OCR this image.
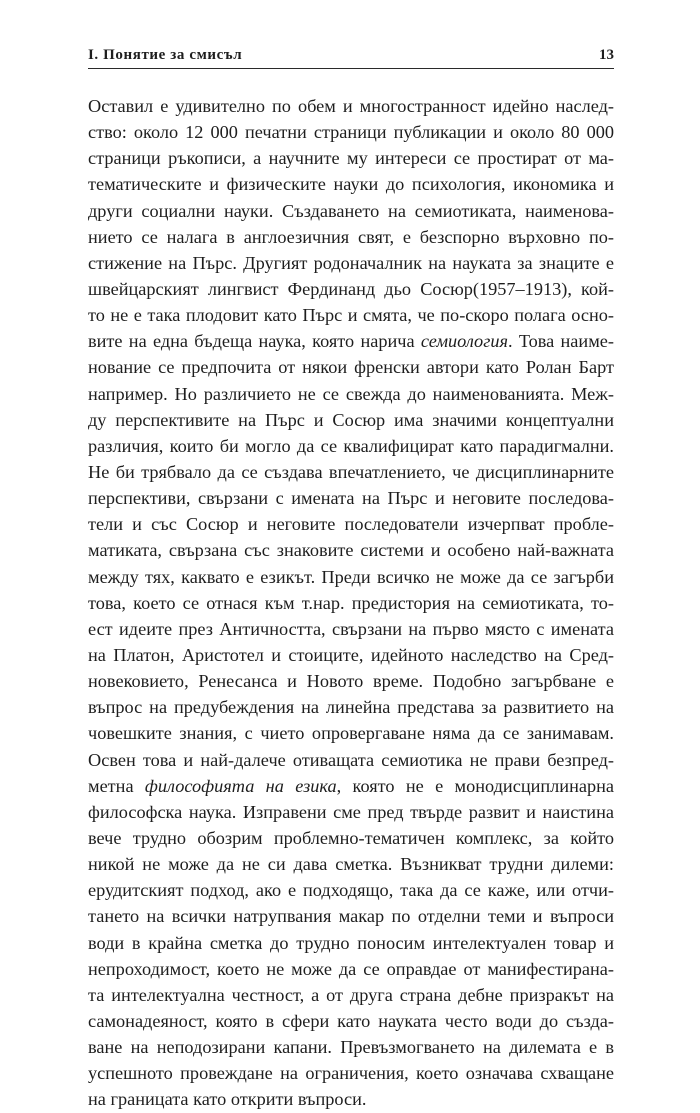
I. Понятие за смисъл	13
Оставил е удивително по обем и многостранност идейно наслед-
ство: около 12 000 печатни страници публикации и около 80 000
страници ръкописи, а научните му интереси се простират от ма-
тематическите и физическите науки до психология, икономика и
други социални науки. Създаването на семиотиката, наименова-
нието се налага в англоезичния свят, е безспорно върховно по-
стижение на Пърс. Другият родоначалник на науката за знаците е
швейцарският лингвист Фердинанд дьо Сосюр(1957–1913), кой-
то не е така плодовит като Пърс и смята, че по-скоро полага осно-
вите на една бъдеща наука, която нарича семиология. Това наиме-
нование се предпочита от някои френски автори като Ролан Барт
например. Но различието не се свежда до наименованията. Меж-
ду перспективите на Пърс и Сосюр има значими концептуални
различия, които би могло да се квалифицират като парадигмални.
Не би трябвало да се създава впечатлението, че дисциплинарните
перспективи, свързани с имената на Пърс и неговите последова-
тели и със Сосюр и неговите последователи изчерпват пробле-
матиката, свързана със знаковите системи и особено най-важната
между тях, каквато е езикът. Преди всичко не може да се загърби
това, което се отнася към т.нар. предистория на семиотиката, то-
ест идеите през Античността, свързани на първо място с имената
на Платон, Аристотел и стоиците, идейното наследство на Сред-
новековието, Ренесанса и Новото време. Подобно загърбване е
въпрос на предубеждения на линейна представа за развитието на
човешките знания, с чието опровергаване няма да се занимавам.
Освен това и най-далече отиващата семиотика не прави безпред-
метна философията на езика, която не е монодисциплинарна
философска наука. Изправени сме пред твърде развит и наистина
вече трудно обозрим проблемно-тематичен комплекс, за който
никой не може да не си дава сметка. Възникват трудни дилеми:
ерудитският подход, ако е подходящо, така да се каже, или отчи-
тането на всички натрупвания макар по отделни теми и въпроси
води в крайна сметка до трудно поносим интелектуален товар и
непроходимост, което не може да се оправдае от манифестирана-
та интелектуална честност, а от друга страна дебне призракът на
самонадеяност, която в сфери като науката често води до създа-
ване на неподозирани капани. Превъзмогването на дилемата е в
успешното провеждане на ограничения, което означава схващане
на границата като открити въпроси.
